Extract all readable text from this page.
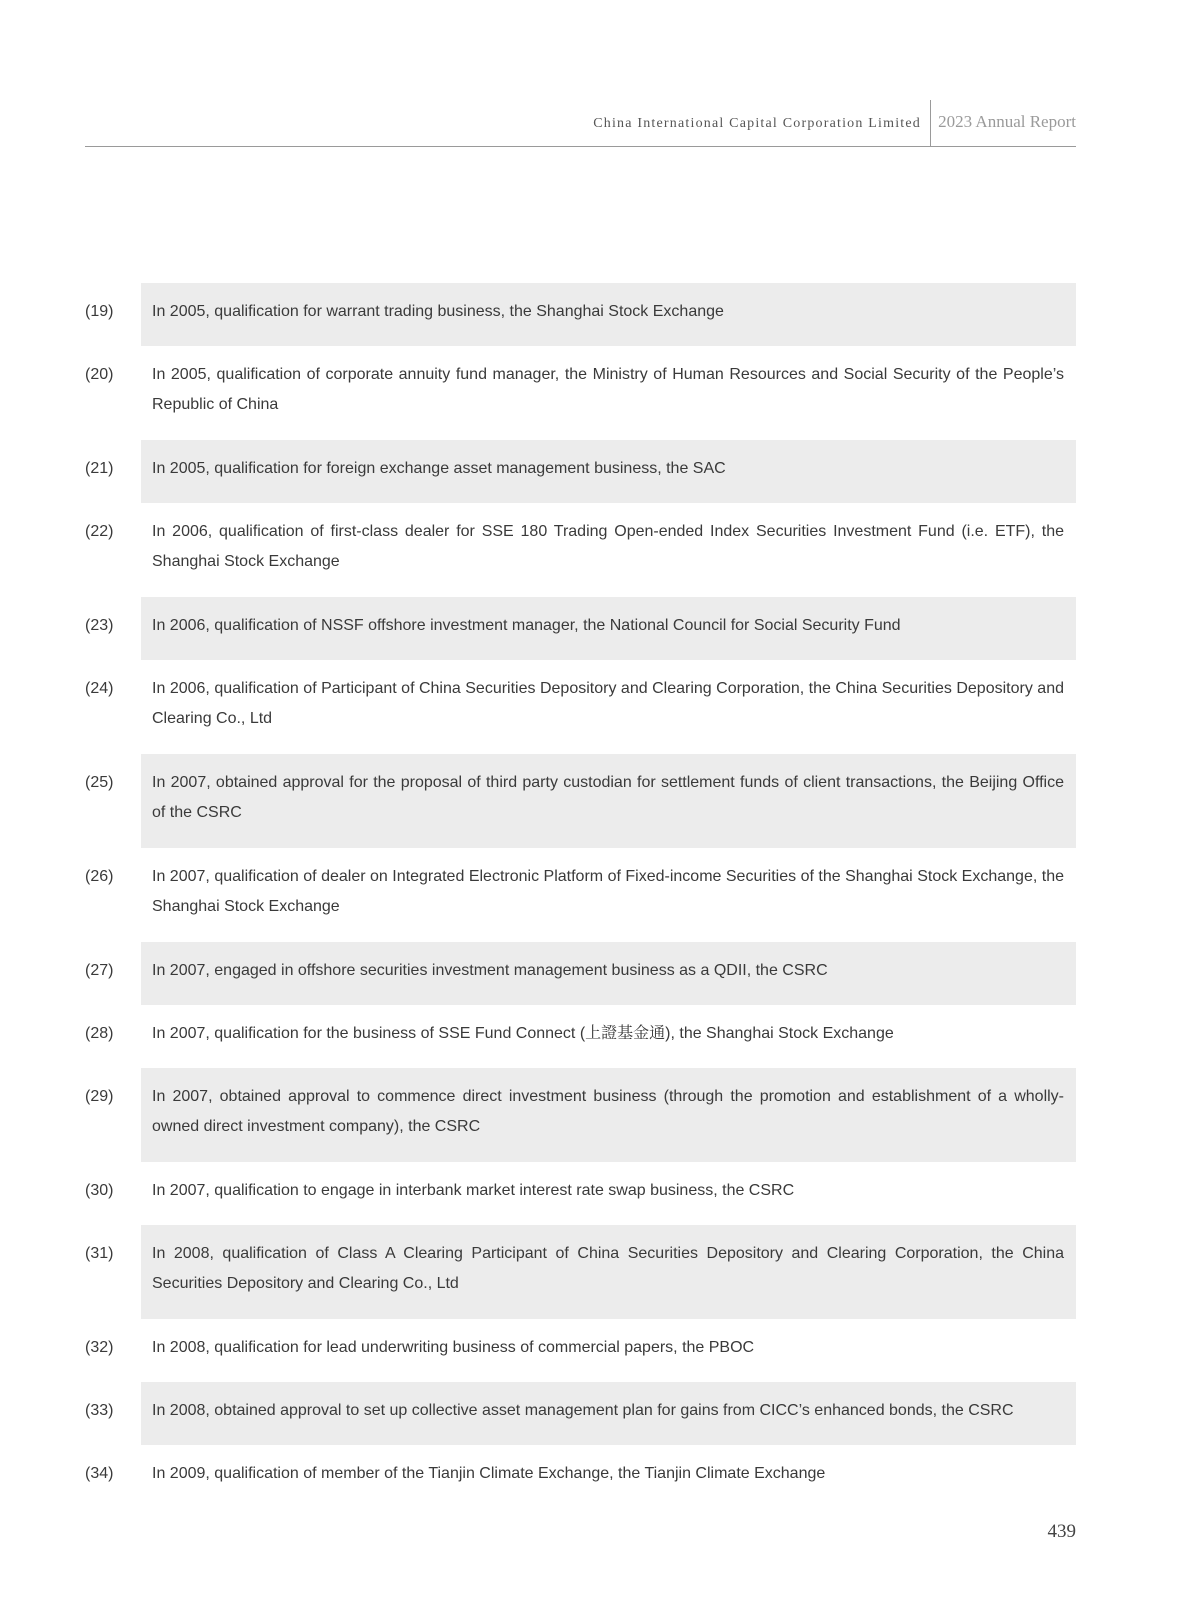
China International Capital Corporation Limited 2023 Annual Report
(19)	In 2005, qualification for warrant trading business, the Shanghai Stock Exchange
(20)	In 2005, qualification of corporate annuity fund manager, the Ministry of Human Resources and Social Security of the People’s Republic of China
(21)	In 2005, qualification for foreign exchange asset management business, the SAC
(22)	In 2006, qualification of first-class dealer for SSE 180 Trading Open-ended Index Securities Investment Fund (i.e. ETF), the Shanghai Stock Exchange
(23)	In 2006, qualification of NSSF offshore investment manager, the National Council for Social Security Fund
(24)	In 2006, qualification of Participant of China Securities Depository and Clearing Corporation, the China Securities Depository and Clearing Co., Ltd
(25)	In 2007, obtained approval for the proposal of third party custodian for settlement funds of client transactions, the Beijing Office of the CSRC
(26)	In 2007, qualification of dealer on Integrated Electronic Platform of Fixed-income Securities of the Shanghai Stock Exchange, the Shanghai Stock Exchange
(27)	In 2007, engaged in offshore securities investment management business as a QDII, the CSRC
(28)	In 2007, qualification for the business of SSE Fund Connect (上證基金通), the Shanghai Stock Exchange
(29)	In 2007, obtained approval to commence direct investment business (through the promotion and establishment of a wholly-owned direct investment company), the CSRC
(30)	In 2007, qualification to engage in interbank market interest rate swap business, the CSRC
(31)	In 2008, qualification of Class A Clearing Participant of China Securities Depository and Clearing Corporation, the China Securities Depository and Clearing Co., Ltd
(32)	In 2008, qualification for lead underwriting business of commercial papers, the PBOC
(33)	In 2008, obtained approval to set up collective asset management plan for gains from CICC’s enhanced bonds, the CSRC
(34)	In 2009, qualification of member of the Tianjin Climate Exchange, the Tianjin Climate Exchange
439
